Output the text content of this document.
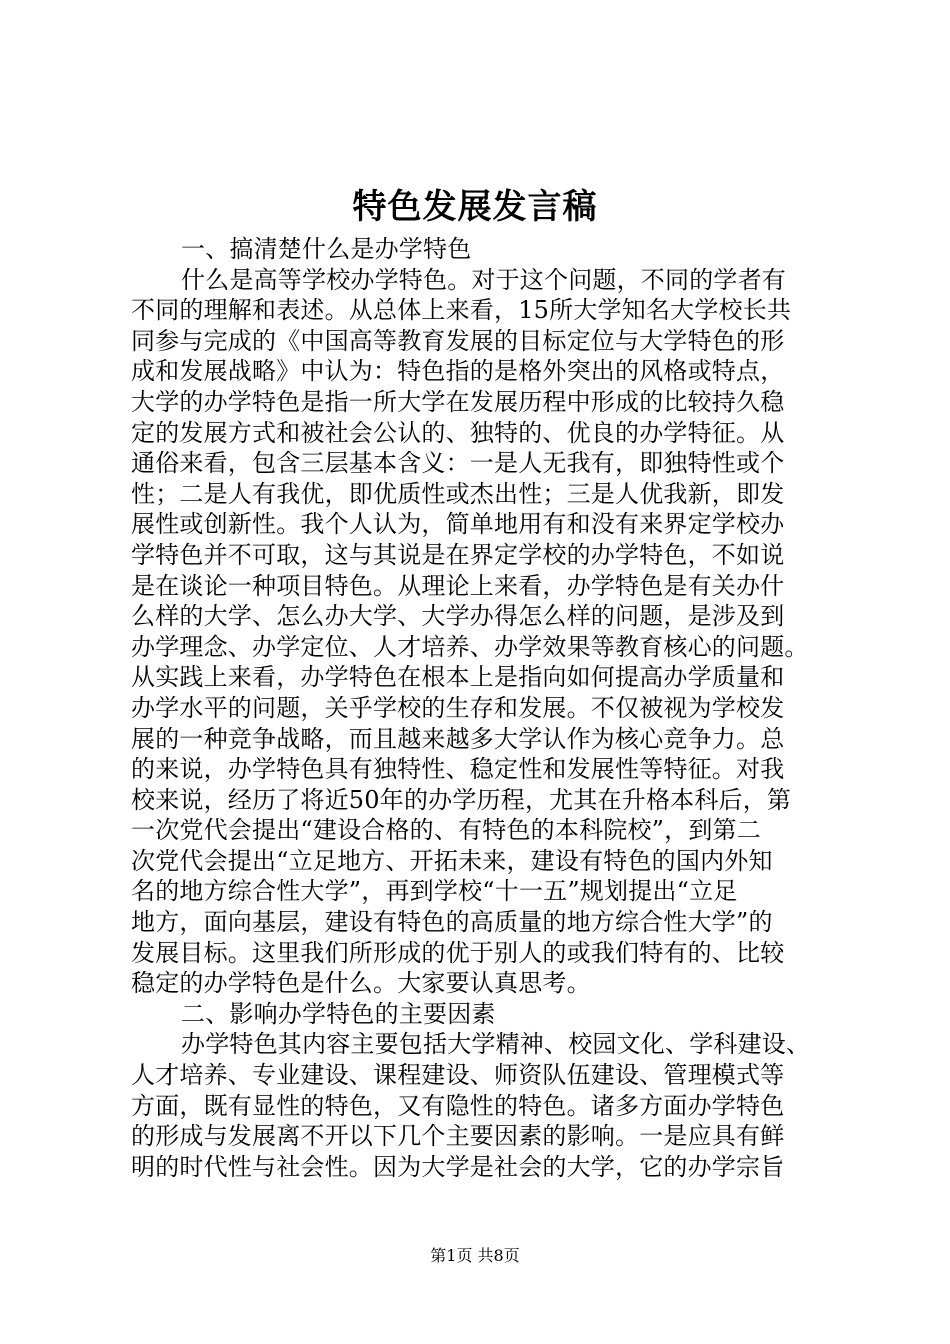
特色发展发言稿
一、搞清楚什么是办学特色
什么是高等学校办学特色。对于这个问题，不同的学者有
不同的理解和表述。从总体上来看，15所大学知名大学校长共
同参与完成的《中国高等教育发展的目标定位与大学特色的形
成和发展战略》中认为：特色指的是格外突出的风格或特点，
大学的办学特色是指一所大学在发展历程中形成的比较持久稳
定的发展方式和被社会公认的、独特的、优良的办学特征。从
通俗来看，包含三层基本含义：一是人无我有，即独特性或个
性；二是人有我优，即优质性或杰出性；三是人优我新，即发
展性或创新性。我个人认为，简单地用有和没有来界定学校办
学特色并不可取，这与其说是在界定学校的办学特色，不如说
是在谈论一种项目特色。从理论上来看，办学特色是有关办什
么样的大学、怎么办大学、大学办得怎么样的问题，是涉及到
办学理念、办学定位、人才培养、办学效果等教育核心的问题。
从实践上来看，办学特色在根本上是指向如何提高办学质量和
办学水平的问题，关乎学校的生存和发展。不仅被视为学校发
展的一种竞争战略，而且越来越多大学认作为核心竞争力。总
的来说，办学特色具有独特性、稳定性和发展性等特征。对我
校来说，经历了将近50年的办学历程，尤其在升格本科后，第
一次党代会提出“建设合格的、有特色的本科院校”，到第二
次党代会提出“立足地方、开拓未来，建设有特色的国内外知
名的地方综合性大学”，再到学校“十一五”规划提出“立足
地方，面向基层，建设有特色的高质量的地方综合性大学”的
发展目标。这里我们所形成的优于别人的或我们特有的、比较
稳定的办学特色是什么。大家要认真思考。
二、影响办学特色的主要因素
办学特色其内容主要包括大学精神、校园文化、学科建设、
人才培养、专业建设、课程建设、师资队伍建设、管理模式等
方面，既有显性的特色，又有隐性的特色。诸多方面办学特色
的形成与发展离不开以下几个主要因素的影响。一是应具有鲜
明的时代性与社会性。因为大学是社会的大学，它的办学宗旨
第1页 共8页
